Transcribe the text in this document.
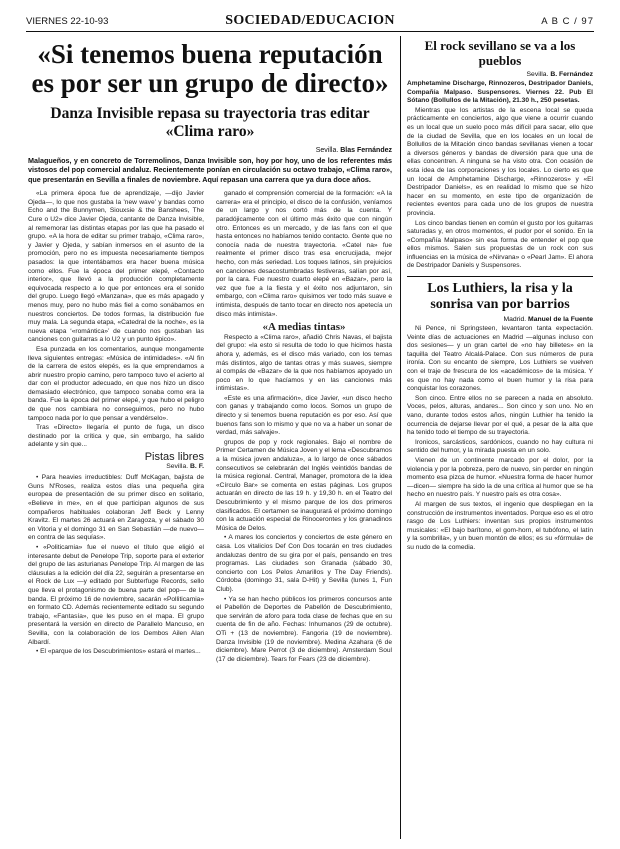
VIERNES 22-10-93	SOCIEDAD/EDUCACION	A B C / 97
«Si tenemos buena reputación es por ser un grupo de directo»
Danza Invisible repasa su trayectoria tras editar «Clima raro»
Sevilla. Blas Fernández
Malagueños, y en concreto de Torremolinos, Danza Invisible son, hoy por hoy, uno de los referentes más vistosos del pop comercial andaluz. Recientemente ponían en circulación su octavo trabajo, «Clima raro», que presentarán en Sevilla a finales de noviembre. Aquí repasan una carrera que ya dura doce años.

«La primera época fue de aprendizaje, —dijo Javier Ojeda—, lo que nos gustaba la 'new wave' y bandas como Echo and the Bunnymen, Siouxsie & the Banshees, The Cure o U2» dice Javier Ojeda, cantante de Danza Invisible, al rememorar las distintas etapas por las que ha pasado el grupo. «A la hora de editar su primer trabajo, «Clima raro», y Javier y Ojeda, y sabían inmersos en el asunto de la promoción, pero no es impuesta necesariamente tiempos pasados: la que intentábamos era hacer buena música como ellos. Fue la época del primer elepé, «Contacto interior», que llevó a la producción completamente equivocada respecto a lo que por entonces era el sonido del grupo. Luego llegó «Manzana», que es más apagado y menos muy, pero no hubo más fiel a como sonábamos en nuestros conciertos. De todos formas, la distribución fue muy mala. La segunda etapa, «Catedral de la noche», es la nueva etapa ‘«romántica»’ de cuando nos gustaban las canciones con guitarras a lo U2 y un punto épico».

Esa punzada en los comentarios, aunque mongamente lleva siguientes entregas: «Música de intimidades». «Al fin de la carrera de estos elepés, es la que emprendamos a abrir nuestro propio camino, pero tampoco tuvo el acierto al dar con el productor adecuado, en que nos hizo un disco demasiado electrónico, que tampoco sonaba como era la banda. Fue la época del primer elepé, y que hubo el peligro de que nos cambiara no conseguimos, pero no hubo tampoco nada por lo que pensar a vendérselo».

Tras «Directo» llegaría el punto de fuga, un disco destinado por la crítica y que, sin embargo, ha salido adelante y sin que...

Pistas libres
Sevilla. B. F.

• Para heavies irreductibles: Duff McKagan, bajista de Guns N'Roses, realiza estos días una pequeña gira europea de presentación de su primer disco en solitario, «Believe in me», en el que participan algunos de sus compañeros habituales colaboran Jeff Beck y Lenny Kravitz. El martes 26 actuará en Zaragoza, y el sábado 30 en Vitoria y el domingo 31 en San Sebastián —de nuevo— en contra de las sequías».

• «Politicamia» fue el nuevo el título que eligió el interesante debut de Penelope Trip, soporte para el exterior del grupo de las asturianas Penelope Trip. Al margen de las cláusulas a la edición del día 22, seguirán a presentarse en el Rock de Lux —y editado por Subterfuge Records, sello que lleva el protagonismo de buena parte del pop— de la banda. El próximo 16 de noviembre, sacarán «Polliticamia» en formato CD. Además recientemente editado su segundo trabajo, «Fantasía», que les puso en el mapa. El grupo presentará la versión en directo de Parallelo Mancuso, en Sevilla, con la colaboración de los Dembos Ailen Alan Albardí.

• El «parque de los Descubrimientos» estará el martes...

ganado el comprensión comercial de la formación: «A la carrera» era el principio, el disco de la confusión, veníamos de un largo y nos cortó más de la cuenta. Y paradójicamente con el último más éxito que con ningún otro. Entonces es un mercado, y de las fans con el que hasta entonces no habíamos tenido contacto. Gente que no conocía nada de nuestra trayectoria. «Catel na» fue realmente el primer disco tras esa encrucijada, mejor hecho, con más seriedad. Los toques latinos, sin prejuicios en canciones desacostumbradas festiveras, salían por así, por la cara. Fue nuestro cuarto elepé en «Bazar», pero la vez que fue a la fiesta y el éxito nos adjuntaron, sin embargo, con «Clima raro» quisimos ver todo más suave e intimista, después de tanto tocar en directo nos apetecía un disco más intimista».

«A medias tintas»

Respecto a «Clima raro», añadió Chris Navas, el bajista del grupo: «la esto si resulta de todo lo que hicimos hasta ahora y, además, es el disco más variado, con los temas más distintos, algo de tantas otras y más suaves, siempre al compás de «Bazar» de la que nos habíamos apoyado un poco en lo que hacíamos y en las canciones más intimistas».

«Este es una afirmación», dice Javier, «un disco hecho con ganas y trabajando como locos. Somos un grupo de directo y si tenemos buena reputación es por eso. Así que buenos fans son lo mismo y que no va a haber un sonar de verdad, más salvaje».

grupos de pop y rock regionales. Bajo el nombre de Primer Certamen de Música Joven y el lema «Descubramos a la música joven andaluza», a lo largo de once sábados consecutivos se celebrarán del Inglés veintidós bandas de la música regional. Central, Manager, promotora de la idea «Círculo Bar» se comenta en estas páginas. Los grupos actuarán en directo de las 19 h. y 19,30 h. en el Teatro del Descubrimiento y el mismo parque de los dos primeros clasificados. El certamen se inaugurará el próximo domingo con la actuación especial de Rinocerontes y los granadinos Música de Delos.

• A mares los conciertos y conciertos de este género en casa. Los vitalicios Def Con Dos tocarán en tres ciudades andaluzas dentro de su gira por el país, pensando en tres programas. Las ciudades son Granada (sábado 30, concierto con Los Pelos Amarillos y The Day Friends). Córdoba (domingo 31, sala D-Hit) y Sevilla (lunes 1, Fun Club).

• Ya se han hecho públicos los primeros concursos ante el Pabellón de Deportes de Pabellón de Descubrimiento, que servirán de aforo para toda clase de fechas que en su cuenta de fin de año. Fechas: Inhumanos (29 de octubre). OTi + (13 de noviembre). Fangoria (19 de noviembre). Danza Invisible (19 de noviembre). Medina Azahara (6 de diciembre). Mare Perrot (3 de diciembre). Amsterdam Soul (17 de diciembre). Tears for Fears (23 de diciembre).

El rock sevillano se va a los pueblos
Sevilla. B. Fernández

Amphetamine Discharge, Rinnozeros, Destripador Daniels, Compañía Malpaso. Suspensores. Viernes 22. Pub El Sótano (Bollullos de la Mitación), 21.30 h., 250 pesetas.

Mientras que los artistas de la escena local se queda prácticamente en conciertos, algo que viene a ocurrir cuando es un local que un suelo poco más difícil para sacar, ello que de la ciudad de Sevilla, que en los locales en un local de Bollullos de la Mitación cinco bandas sevillanas vienen a tocar a diversos géneros y bandas de diversión para que una de ellas concentren. A ninguna se ha visto otra. Con ocasión de esta idea de las corporaciones y los locales. Lo cierto es que un local de Amphetamine Discharge, «Rinnozeros» y «El Destripador Daniels», es en realidad lo mismo que se hizo hacer en su momento, en este tipo de organización de recientes eventos para cada uno de los grupos de nuestra provincia.

Los cinco bandas tienen en común el gusto por los guitarras saturadas y, en otros momentos, el pudor por el sonido. En la «Compañía Malpaso» sin esa forma de entender el pop que ellos mismos. Salen sus propuestas de un rock con sus influencias en la música de «Nirvana» o «Pearl Jam». El ahora de Destripador Daniels y Suspensores.

Los Luthiers, la risa y la sonrisa van por barrios
Madrid. Manuel de la Fuente

Ni Pence, ni Springsteen, levantaron tanta expectación. Veinte días de actuaciones en Madrid —algunas incluso con dos sesiones— y un gran cartel de «no hay billetes» en la taquilla del Teatro Alcalá-Palace. Con sus números de pura ironía. Con su encanto de siempre, Los Luthiers se vuelven con el traje de frescura de los «académicos» de la música. Y es que no hay nada como el buen humor y la risa para conquistar los corazones.

Son cinco. Entre ellos no se parecen a nada en absoluto. Voces, pelos, alturas, andares... Son cinco y son uno. No en vano, durante todos estos años, ningún Luthier ha tenido la ocurrencia de dejarse llevar por el qué, a pesar de la alta que ha tenido todo el tiempo de su trayectoria.

Ironicos, sarcásticos, sardónicos, cuando no hay cultura ni sentido del humor, y la mirada puesta en un solo.

Vienen de un continente marcado por el dolor, por la violencia y por la pobreza, pero de nuevo, sin perder en ningún momento esa pizca de humor. «Nuestra forma de hacer humor —dicen— siempre ha sido la de una crítica al humor que se ha hecho en nuestro país. Y nuestro país es otra cosa».

Al margen de sus textos, el ingenio que despliegan en la construcción de instrumentos inventados. Porque eso es el otro rasgo de Los Luthiers: inventan sus propios instrumentos musicales: «El bajo barítono, el gom-horn, el tubófono, el latín y la sombrilla», y un buen montón de ellos; es su «fórmula» de su nudo de la comedia.
